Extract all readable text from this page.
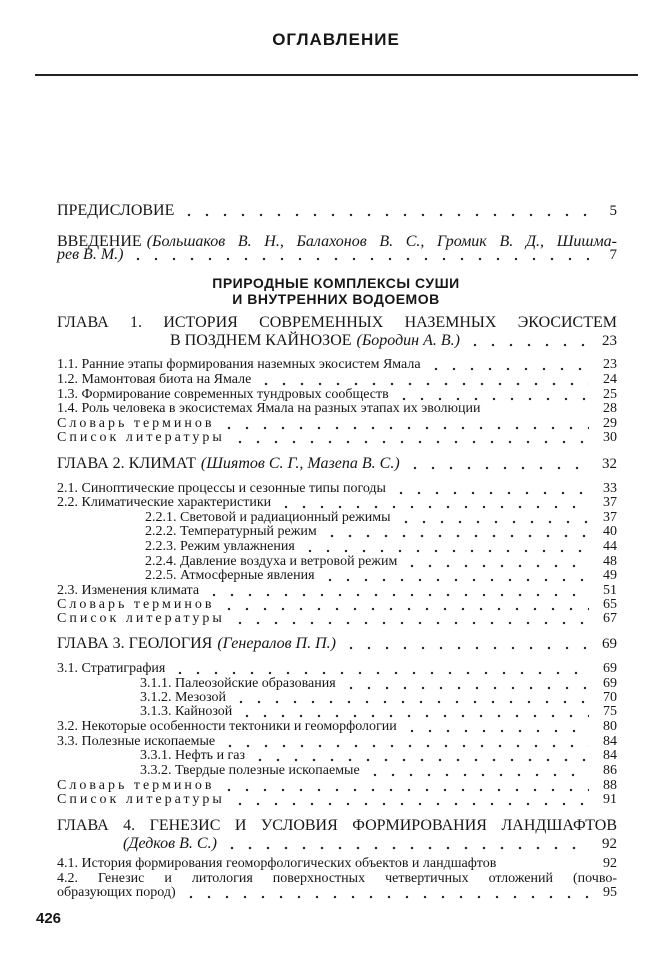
ОГЛАВЛЕНИЕ
ПРИРОДНЫЕ КОМПЛЕКСЫ СУШИ
И ВНУТРЕННИХ ВОДОЕМОВ
ПРЕДИСЛОВИЕ	5
ВВЕДЕНИЕ (Большаков В. Н., Балахонов В. С., Громик В. Д., Шишма-
рев В. М.)	7
ГЛАВА 1. ИСТОРИЯ СОВРЕМЕННЫХ НАЗЕМНЫХ ЭКОСИСТЕМ
В ПОЗДНЕМ КАЙНОЗОЕ (Бородин А. В.)	23
1.1. Ранние этапы формирования наземных экосистем Ямала	23
1.2. Мамонтовая биота на Ямале	24
1.3. Формирование современных тундровых сообществ	25
1.4. Роль человека в экосистемах Ямала на разных этапах их эволюции	28
Словарь терминов	29
Список литературы	30
ГЛАВА 2. КЛИМАТ (Шиятов С. Г., Мазепа В. С.)	32
2.1. Синоптические процессы и сезонные типы погоды	33
2.2. Климатические характеристики	37
2.2.1. Световой и радиационный режимы	37
2.2.2. Температурный режим	40
2.2.3. Режим увлажнения	44
2.2.4. Давление воздуха и ветровой режим	48
2.2.5. Атмосферные явления	49
2.3. Изменения климата	51
Словарь терминов	65
Список литературы	67
ГЛАВА 3. ГЕОЛОГИЯ (Генералов П. П.)	69
3.1. Стратиграфия	69
3.1.1. Палеозойские образования	69
3.1.2. Мезозой	70
3.1.3. Кайнозой	75
3.2. Некоторые особенности тектоники и геоморфологии	80
3.3. Полезные ископаемые	84
3.3.1. Нефть и газ	84
3.3.2. Твердые полезные ископаемые	86
Словарь терминов	88
Список литературы	91
ГЛАВА 4. ГЕНЕЗИС И УСЛОВИЯ ФОРМИРОВАНИЯ ЛАНДШАФТОВ
(Дедков В. С.)	92
4.1. История формирования геоморфологических объектов и ландшафтов	92
4.2. Генезис и литология поверхностных четвертичных отложений (почво-
образующих пород)	95
426
